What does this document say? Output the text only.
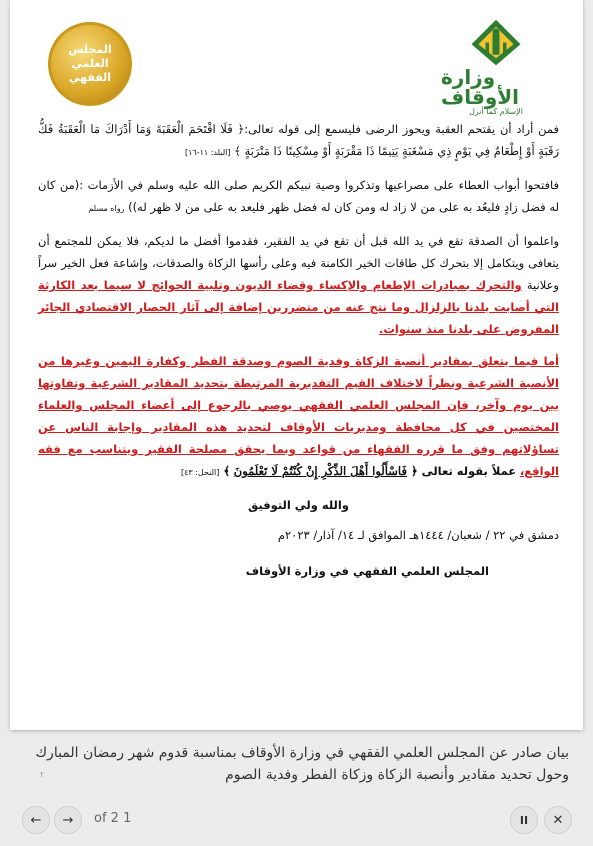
المجلس
العلمي
الفقهي	وزارة الأوقاف
الإسلام كما أنزل

فمن أراد أن يقتحم العقبة ويحوز الرضى فليسمع إلى قوله تعالى:﴿ فَلَا اقْتَحَمَ الْعَقَبَةَ وَمَا أَدْرَاكَ مَا الْعَقَبَةُ فَكُّ رَقَبَةٍ أَوْ إِطْعَامٌ فِي يَوْمٍ ذِي مَسْغَبَةٍ يَتِيمًا ذَا مَقْرَبَةٍ أَوْ مِسْكِينًا ذَا مَتْرَبَةٍ ﴾ [البلد: ١١-١٦]

فافتحوا أبواب العطاء على مصراعيها وتذكروا وصية نبيكم الكريم صلى الله عليه وسلم في الأزمات :(من كان له فضل زادٍ فليعُد به على من لا زاد له ومن كان له فضل ظهر فليعد به على من لا ظهر له)) رواه مسلم

واعلموا أن الصدقة تقع في يد الله قبل أن تقع في يد الفقير، فقدموا أفضل ما لديكم، فلا يمكن للمجتمع أن يتعافى ويتكامل إلا بتحرك كل طاقات الخير الكامنة فيه وعلى رأسها الزكاة والصدقات، وإشاعة فعل الخير سراً وعلانية والتحرك بمبادرات الإطعام والإكساء وقضاء الديون وتلبية الحوائج لا سيما بعد الكارثة التي أصابت بلدنا بالزلزال وما نتج عنه من متضررين إضافة إلى آثار الحصار الاقتصادي الجائر المفروض على بلدنا منذ سنوات.

أما فيما يتعلق بمقادير أنصبة الزكاة وفدية الصوم وصدقة الفطر وكفارة اليمين وغيرها من الأنصبة الشرعية ونظراً لاختلاف القيم التقديرية المرتبطة بتحديد المقادير الشرعية وتفاوتها بين يوم وآخر، فإن المجلس العلمي الفقهي يوصي بالرجوع إلى أعضاء المجلس والعلماء المختصين في كل محافظة ومديريات الأوقاف لتحديد هذه المقادير وإجابة الناس عن تساؤلاتهم وفق ما قرره الفقهاء من قواعد وبما يحقق مصلحة الفقير ويتناسب مع فقه الواقع، عملاً بقوله تعالى ﴿ فَاسْأَلُوا أَهْلَ الذِّكْرِ إِنْ كُنْتُمْ لَا تَعْلَمُونَ ﴾ [النحل: ٤٣]

والله ولي التوفيق

دمشق في ٢٢ / شعبان/ ١٤٤٤هـ الموافق لـ ١٤/ آذار/ ٢٠٢٣م

المجلس العلمي الفقهي في وزارة الأوقاف

بيان صادر عن المجلس العلمي الفقهي في وزارة الأوقاف بمناسبة قدوم شهر رمضان المبارك وحول تحديد مقادير وأنصبة الزكاة وزكاة الفطر وفدية الصوم
٢
← → of 2 1	II ✕
